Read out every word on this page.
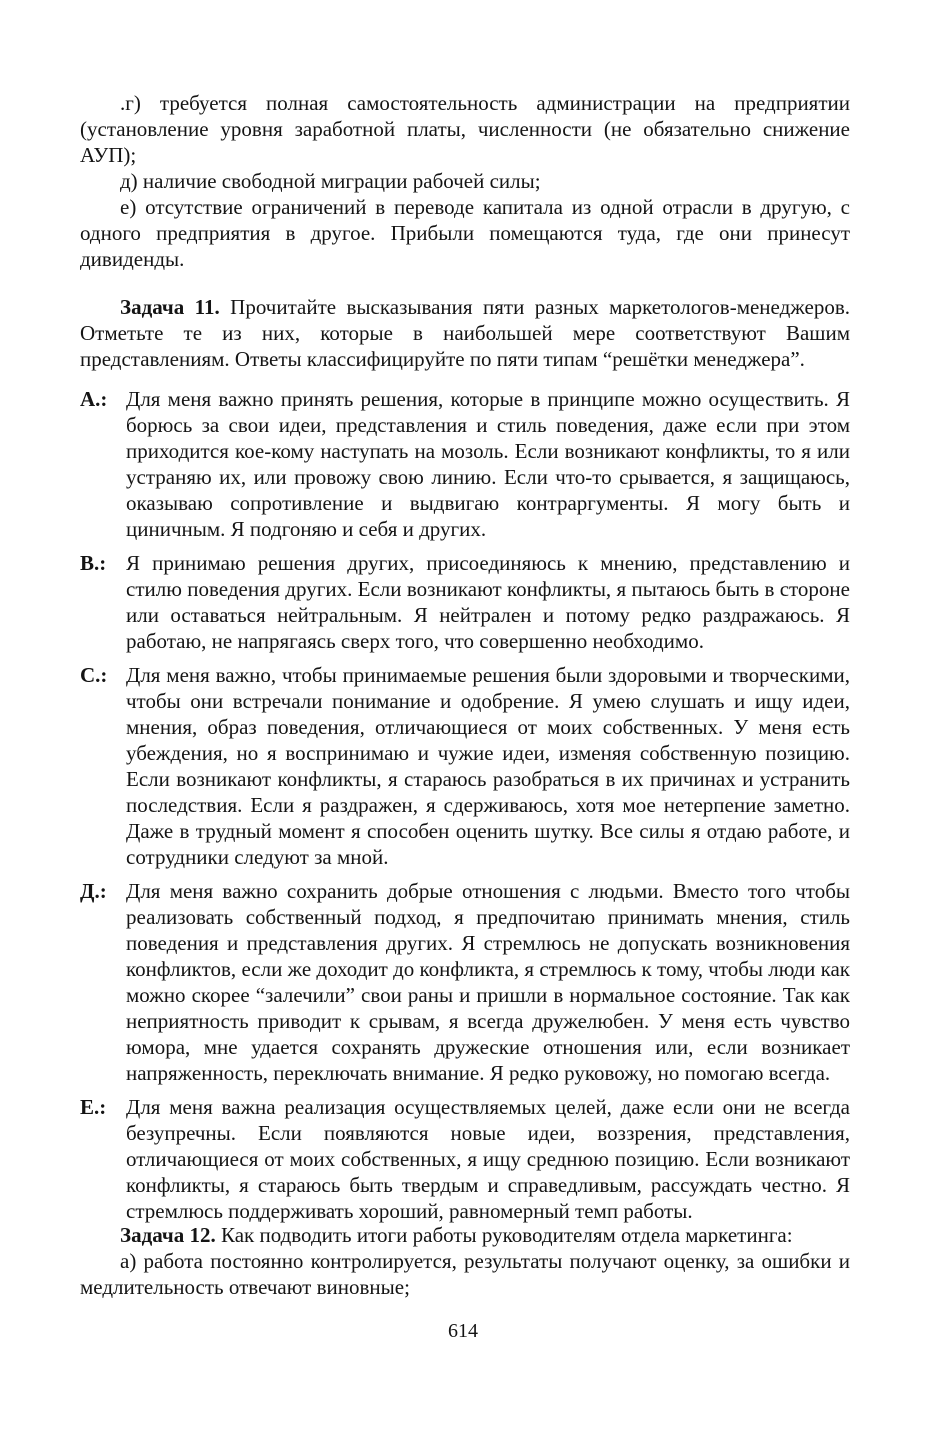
.г) требуется полная самостоятельность администрации на предприятии (установление уровня заработной платы, численности (не обязательно снижение АУП);

д) наличие свободной миграции рабочей силы;

е) отсутствие ограничений в переводе капитала из одной отрасли в другую, с одного предприятия в другое. Прибыли помещаются туда, где они принесут дивиденды.

Задача 11. Прочитайте высказывания пяти разных маркетологов-менеджеров. Отметьте те из них, которые в наибольшей мере соответствуют Вашим представлениям. Ответы классифицируйте по пяти типам “решётки менеджера”.

А.: Для меня важно принять решения, которые в принципе можно осуществить. Я борюсь за свои идеи, представления и стиль поведения, даже если при этом приходится кое-кому наступать на мозоль. Если возникают конфликты, то я или устраняю их, или провожу свою линию. Если что-то срывается, я защищаюсь, оказываю сопротивление и выдвигаю контраргументы. Я могу быть и циничным. Я подгоняю и себя и других.
В.: Я принимаю решения других, присоединяюсь к мнению, представлению и стилю поведения других. Если возникают конфликты, я пытаюсь быть в стороне или оставаться нейтральным. Я нейтрален и потому редко раздражаюсь. Я работаю, не напрягаясь сверх того, что совершенно необходимо.
С.: Для меня важно, чтобы принимаемые решения были здоровыми и творческими, чтобы они встречали понимание и одобрение. Я умею слушать и ищу идеи, мнения, образ поведения, отличающиеся от моих собственных. У меня есть убеждения, но я воспринимаю и чужие идеи, изменяя собственную позицию. Если возникают конфликты, я стараюсь разобраться в их причинах и устранить последствия. Если я раздражен, я сдерживаюсь, хотя мое нетерпение заметно. Даже в трудный момент я способен оценить шутку. Все силы я отдаю работе, и сотрудники следуют за мной.
Д.: Для меня важно сохранить добрые отношения с людьми. Вместо того чтобы реализовать собственный подход, я предпочитаю принимать мнения, стиль поведения и представления других. Я стремлюсь не допускать возникновения конфликтов, если же доходит до конфликта, я стремлюсь к тому, чтобы люди как можно скорее “залечили” свои раны и пришли в нормальное состояние. Так как неприятность приводит к срывам, я всегда дружелюбен. У меня есть чувство юмора, мне удается сохранять дружеские отношения или, если возникает напряженность, переключать внимание. Я редко руковожу, но помогаю всегда.
Е.: Для меня важна реализация осуществляемых целей, даже если они не всегда безупречны. Если появляются новые идеи, воззрения, представления, отличающиеся от моих собственных, я ищу среднюю позицию. Если возникают конфликты, я стараюсь быть твердым и справедливым, рассуждать честно. Я стремлюсь поддерживать хороший, равномерный темп работы.

Задача 12. Как подводить итоги работы руководителям отдела маркетинга:

а) работа постоянно контролируется, результаты получают оценку, за ошибки и медлительность отвечают виновные;

614
